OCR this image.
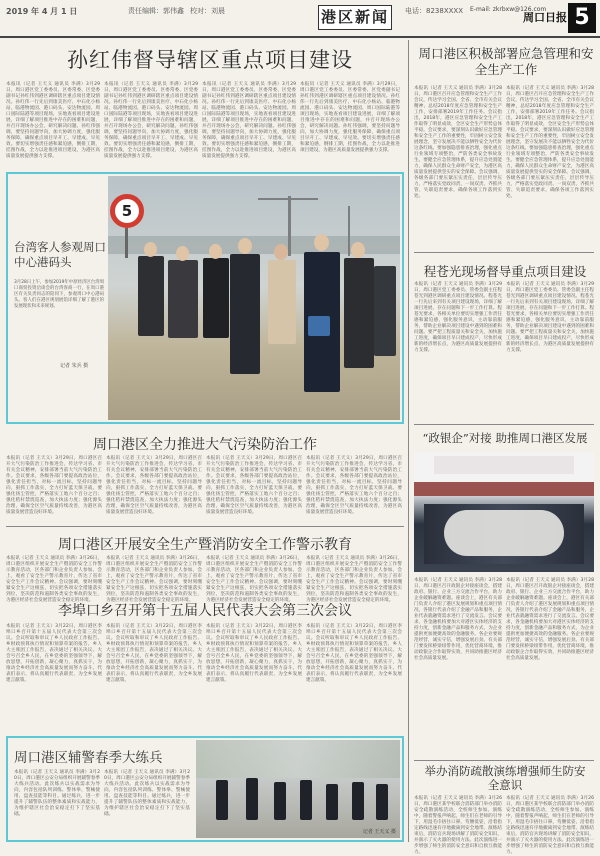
2019 年 4 月 1 日	责任编辑：郭伟鑫 校对：刘晨	港区新闻	电话：8238XXXX E-mail: zkrbxw@126.com
周口日报 5
孙红伟督导辖区重点项目建设
本报讯（记者 王天义 通讯员 李满）3月29日，周口港区党工委委员、区委常委、区党委副书记孙红伟到港区调研辖区重点项目建设情况。孙红伟一行先后到康美医疗、中石化小杨站、临港物流园、港口码头、安达物流园、周口国际陆港等项目现场，实地查看项目建设进展，详细了解项目推进中存在的困难和问题，并召开现场办公会，研究解决问题。孙红伟强调，要坚持问题导向，加大协调力度，强化服务保障，确保重点项目早开工、早建成、早见效。要切实增强责任感和紧迫感，倒排工期，挂图作战，全力以赴推进项目建设，为港区高质量发展提供强力支撑。
本报讯（记者 王天义 通讯员 李满）3月29日，周口港区党工委委员、区委常委、区党委副书记孙红伟到港区调研辖区重点项目建设情况。孙红伟一行先后到康美医疗、中石化小杨站、临港物流园、港口码头、安达物流园、周口国际陆港等项目现场，实地查看项目建设进展，详细了解项目推进中存在的困难和问题，并召开现场办公会，研究解决问题。孙红伟强调，要坚持问题导向，加大协调力度，强化服务保障，确保重点项目早开工、早建成、早见效。要切实增强责任感和紧迫感，倒排工期，挂图作战，全力以赴推进项目建设，为港区高质量发展提供强力支撑。
本报讯（记者 王天义 通讯员 李满）3月29日，周口港区党工委委员、区委常委、区党委副书记孙红伟到港区调研辖区重点项目建设情况。孙红伟一行先后到康美医疗、中石化小杨站、临港物流园、港口码头、安达物流园、周口国际陆港等项目现场，实地查看项目建设进展，详细了解项目推进中存在的困难和问题，并召开现场办公会，研究解决问题。孙红伟强调，要坚持问题导向，加大协调力度，强化服务保障，确保重点项目早开工、早建成、早见效。要切实增强责任感和紧迫感，倒排工期，挂图作战，全力以赴推进项目建设，为港区高质量发展提供强力支撑。
本报讯（记者 王天义 通讯员 李满）3月29日，周口港区党工委委员、区委常委、区党委副书记孙红伟到港区调研辖区重点项目建设情况。孙红伟一行先后到康美医疗、中石化小杨站、临港物流园、港口码头、安达物流园、周口国际陆港等项目现场，实地查看项目建设进展，详细了解项目推进中存在的困难和问题，并召开现场办公会，研究解决问题。孙红伟强调，要坚持问题导向，加大协调力度，强化服务保障，确保重点项目早开工、早建成、早见效。要切实增强责任感和紧迫感，倒排工期，挂图作战，全力以赴推进项目建设，为港区高质量发展提供强力支撑。
台湾客人参观周口中心港码头
3月28日上午，参加2019年中原经济区台湾周口商贸投资洽谈会的台湾客商一行，在周口港区有关负责同志的陪同下，参观周口中心港码头。客人们在港区规划展馆详细了解了港区的发展现状和未来规划。
记者 朱兵 摄
5
周口港区全力推进大气污染防治工作
本报讯（记者 王天义）3月29日，周口港区召开大气污染防治工作推进会，传达学习省、市有关会议精神，安排部署当前大气污染防治工作。会议要求，各级各部门要提高政治站位，强化责任担当，对标一流目标，坚持问题导向，狠抓工作落实，全力打好蓝天保卫战。要强化扬尘管控，严格落实工地六个百分之百；强化秸秆禁烧巡查，加大执法力度；强化源头治理，确保全区空气质量持续改善，为港区高质量发展营造良好环境。
本报讯（记者 王天义）3月29日，周口港区召开大气污染防治工作推进会，传达学习省、市有关会议精神，安排部署当前大气污染防治工作。会议要求，各级各部门要提高政治站位，强化责任担当，对标一流目标，坚持问题导向，狠抓工作落实，全力打好蓝天保卫战。要强化扬尘管控，严格落实工地六个百分之百；强化秸秆禁烧巡查，加大执法力度；强化源头治理，确保全区空气质量持续改善，为港区高质量发展营造良好环境。
本报讯（记者 王天义）3月29日，周口港区召开大气污染防治工作推进会，传达学习省、市有关会议精神，安排部署当前大气污染防治工作。会议要求，各级各部门要提高政治站位，强化责任担当，对标一流目标，坚持问题导向，狠抓工作落实，全力打好蓝天保卫战。要强化扬尘管控，严格落实工地六个百分之百；强化秸秆禁烧巡查，加大执法力度；强化源头治理，确保全区空气质量持续改善，为港区高质量发展营造良好环境。
本报讯（记者 王天义）3月29日，周口港区召开大气污染防治工作推进会，传达学习省、市有关会议精神，安排部署当前大气污染防治工作。会议要求，各级各部门要提高政治站位，强化责任担当，对标一流目标，坚持问题导向，狠抓工作落实，全力打好蓝天保卫战。要强化扬尘管控，严格落实工地六个百分之百；强化秸秆禁烧巡查，加大执法力度；强化源头治理，确保全区空气质量持续改善，为港区高质量发展营造良好环境。
周口港区开展安全生产暨消防安全工作警示教育
本报讯（记者 王天义 通讯员 李满）3月26日，周口港区组织开展安全生产暨消防安全工作警示教育活动，区各部门和企业负责人参加。会上，观看了安全生产警示教育片，传达了省市安全生产工作会议精神。会议强调，要时刻绷紧安全生产这根弦，切实把各项安全措施落实到位，坚决防范和遏制各类安全事故的发生，为港区经济社会发展营造安全稳定的环境。
本报讯（记者 王天义 通讯员 李满）3月26日，周口港区组织开展安全生产暨消防安全工作警示教育活动，区各部门和企业负责人参加。会上，观看了安全生产警示教育片，传达了省市安全生产工作会议精神。会议强调，要时刻绷紧安全生产这根弦，切实把各项安全措施落实到位，坚决防范和遏制各类安全事故的发生，为港区经济社会发展营造安全稳定的环境。
本报讯（记者 王天义 通讯员 李满）3月26日，周口港区组织开展安全生产暨消防安全工作警示教育活动，区各部门和企业负责人参加。会上，观看了安全生产警示教育片，传达了省市安全生产工作会议精神。会议强调，要时刻绷紧安全生产这根弦，切实把各项安全措施落实到位，坚决防范和遏制各类安全事故的发生，为港区经济社会发展营造安全稳定的环境。
本报讯（记者 王天义 通讯员 李满）3月26日，周口港区组织开展安全生产暨消防安全工作警示教育活动，区各部门和企业负责人参加。会上，观看了安全生产警示教育片，传达了省市安全生产工作会议精神。会议强调，要时刻绷紧安全生产这根弦，切实把各项安全措施落实到位，坚决防范和遏制各类安全事故的发生，为港区经济社会发展营造安全稳定的环境。
李埠口乡召开第十五届人民代表大会第三次会议
本报讯（记者 王天义）3月22日，周口港区李埠口乡召开第十五届人民代表大会第三次会议。会议听取和审议了乡人民政府工作报告、乡财政预算执行情况和预算草案的报告、乡人大主席团工作报告，表决通过了相关决议。大会号召全乡人民，在乡党委的坚强领导下，解放思想，开拓创新，凝心聚力，真抓实干，为推动全乡经济社会高质量发展而努力奋斗。代表们表示，将认真履行代表职责，为全乡发展建言献策。
本报讯（记者 王天义）3月22日，周口港区李埠口乡召开第十五届人民代表大会第三次会议。会议听取和审议了乡人民政府工作报告、乡财政预算执行情况和预算草案的报告、乡人大主席团工作报告，表决通过了相关决议。大会号召全乡人民，在乡党委的坚强领导下，解放思想，开拓创新，凝心聚力，真抓实干，为推动全乡经济社会高质量发展而努力奋斗。代表们表示，将认真履行代表职责，为全乡发展建言献策。
本报讯（记者 王天义）3月22日，周口港区李埠口乡召开第十五届人民代表大会第三次会议。会议听取和审议了乡人民政府工作报告、乡财政预算执行情况和预算草案的报告、乡人大主席团工作报告，表决通过了相关决议。大会号召全乡人民，在乡党委的坚强领导下，解放思想，开拓创新，凝心聚力，真抓实干，为推动全乡经济社会高质量发展而努力奋斗。代表们表示，将认真履行代表职责，为全乡发展建言献策。
本报讯（记者 王天义）3月22日，周口港区李埠口乡召开第十五届人民代表大会第三次会议。会议听取和审议了乡人民政府工作报告、乡财政预算执行情况和预算草案的报告、乡人大主席团工作报告，表决通过了相关决议。大会号召全乡人民，在乡党委的坚强领导下，解放思想，开拓创新，凝心聚力，真抓实干，为推动全乡经济社会高质量发展而努力奋斗。代表们表示，将认真履行代表职责，为全乡发展建言献策。
周口港区辅警春季大练兵
本报讯（记者 王天义 通讯员 李满）3月20日，周口港区公安分局组织开展辅警春季大练兵活动。此次练兵以实战需求为导向，内容包括队列训练、警体拳、警械使用、盘查技能等科目。通过练兵，进一步提升了辅警队伍的整体素质和实战能力，为维护辖区社会治安稳定打下了坚实基础。
本报讯（记者 王天义 通讯员 李满）3月20日，周口港区公安分局组织开展辅警春季大练兵活动。此次练兵以实战需求为导向，内容包括队列训练、警体拳、警械使用、盘查技能等科目。通过练兵，进一步提升了辅警队伍的整体素质和实战能力，为维护辖区社会治安稳定打下了坚实基础。
记者 王天义 摄
周口港区积极部署应急管理和安全生产工作
本报讯（记者 王天义 通讯员 李满）3月28日，周口港区召开应急管理和安全生产工作会议，传达学习全国、全省、全市有关会议精神，总结2018年度应急管理和安全生产工作，安排部署2019年工作任务。会议指出，2018年，港区应急管理和安全生产工作取得了明显成效，全区安全生产形势总体平稳。会议要求，要深刻认识做好应急管理和安全生产工作的重要性，牢固树立安全发展理念，坚守发展决不能以牺牲安全为代价这条红线。要加强隐患排查治理，强化重点行业领域专项整治，严防各类安全事故发生。要健全应急管理体系，提升应急处置能力，确保人民群众生命财产安全，为港区高质量发展提供坚实的安全保障。会议强调，各级各部门要压紧压实责任，层层传导压力，严格落实党政同责、一岗双责、齐抓共管、失职追责要求，确保各项工作落到实处。
本报讯（记者 王天义 通讯员 李满）3月28日，周口港区召开应急管理和安全生产工作会议，传达学习全国、全省、全市有关会议精神，总结2018年度应急管理和安全生产工作，安排部署2019年工作任务。会议指出，2018年，港区应急管理和安全生产工作取得了明显成效，全区安全生产形势总体平稳。会议要求，要深刻认识做好应急管理和安全生产工作的重要性，牢固树立安全发展理念，坚守发展决不能以牺牲安全为代价这条红线。要加强隐患排查治理，强化重点行业领域专项整治，严防各类安全事故发生。要健全应急管理体系，提升应急处置能力，确保人民群众生命财产安全，为港区高质量发展提供坚实的安全保障。会议强调，各级各部门要压紧压实责任，层层传导压力，严格落实党政同责、一岗双责、齐抓共管、失职追责要求，确保各项工作落到实处。
程苍光现场督导重点项目建设
本报讯（记者 王天义 通讯员 李满）3月29日，周口港区党工委委员、管委会副主任程苍光到港区调研重点项目建设情况。程苍光一行先后来到有关项目建设现场，详细了解项目进展、存在问题和下一步工作打算。程苍光要求，各相关单位要切实增强工作责任感和紧迫感，强化服务意识，主动靠前服务，帮助企业解决项目建设中遇到的困难和问题。要严把工程质量关和安全关，加快施工进度，确保项目早日建成投产，尽快形成新的经济增长点，为港区高质量发展提供有力支撑。
本报讯（记者 王天义 通讯员 李满）3月29日，周口港区党工委委员、管委会副主任程苍光到港区调研重点项目建设情况。程苍光一行先后来到有关项目建设现场，详细了解项目进展、存在问题和下一步工作打算。程苍光要求，各相关单位要切实增强工作责任感和紧迫感，强化服务意识，主动靠前服务，帮助企业解决项目建设中遇到的困难和问题。要严把工程质量关和安全关，加快施工进度，确保项目早日建成投产，尽快形成新的经济增长点，为港区高质量发展提供有力支撑。
“政银企”对接 助推周口港区发展
本报讯（记者 王天义 通讯员 李满）3月28日，周口港区召开政银企对接座谈会，搭建政府、银行、企业三方交流合作平台，助力企业破解融资难题。座谈会上，港区有关部门负责人介绍了港区发展规划和重点项目情况，各银行代表介绍了金融产品和服务，企业代表就融资需求进行了交流发言。会议要求，各金融机构要加大对港区实体经济的支持力度，创新金融产品和服务方式，为企业提供更加便捷高效的金融服务。各企业要规范经营，诚实守信，增强发展后劲。有关部门要发挥桥梁纽带作用，优化营商环境，推动政银企合作取得实效，共同助推港区经济社会高质量发展。
本报讯（记者 王天义 通讯员 李满）3月28日，周口港区召开政银企对接座谈会，搭建政府、银行、企业三方交流合作平台，助力企业破解融资难题。座谈会上，港区有关部门负责人介绍了港区发展规划和重点项目情况，各银行代表介绍了金融产品和服务，企业代表就融资需求进行了交流发言。会议要求，各金融机构要加大对港区实体经济的支持力度，创新金融产品和服务方式，为企业提供更加便捷高效的金融服务。各企业要规范经营，诚实守信，增强发展后劲。有关部门要发挥桥梁纽带作用，优化营商环境，推动政银企合作取得实效，共同助推港区经济社会高质量发展。
举办消防疏散演练增强师生防安全意识
本报讯（记者 王天义 通讯员 李满）3月26日，周口港区某学校联合消防部门举办消防安全疏散演练活动，全校师生参加。演练中，随着警报声响起，师生们在老师的引导下，用湿毛巾捂住口鼻，弯腰低姿，沿着指定路线迅速有序地撤离到安全地带。演练结束后，消防官兵现场讲解了消防安全知识，并演示了灭火器的使用方法。此次演练进一步增强了师生的消防安全意识和自救互救能力。
本报讯（记者 王天义 通讯员 李满）3月26日，周口港区某学校联合消防部门举办消防安全疏散演练活动，全校师生参加。演练中，随着警报声响起，师生们在老师的引导下，用湿毛巾捂住口鼻，弯腰低姿，沿着指定路线迅速有序地撤离到安全地带。演练结束后，消防官兵现场讲解了消防安全知识，并演示了灭火器的使用方法。此次演练进一步增强了师生的消防安全意识和自救互救能力。
